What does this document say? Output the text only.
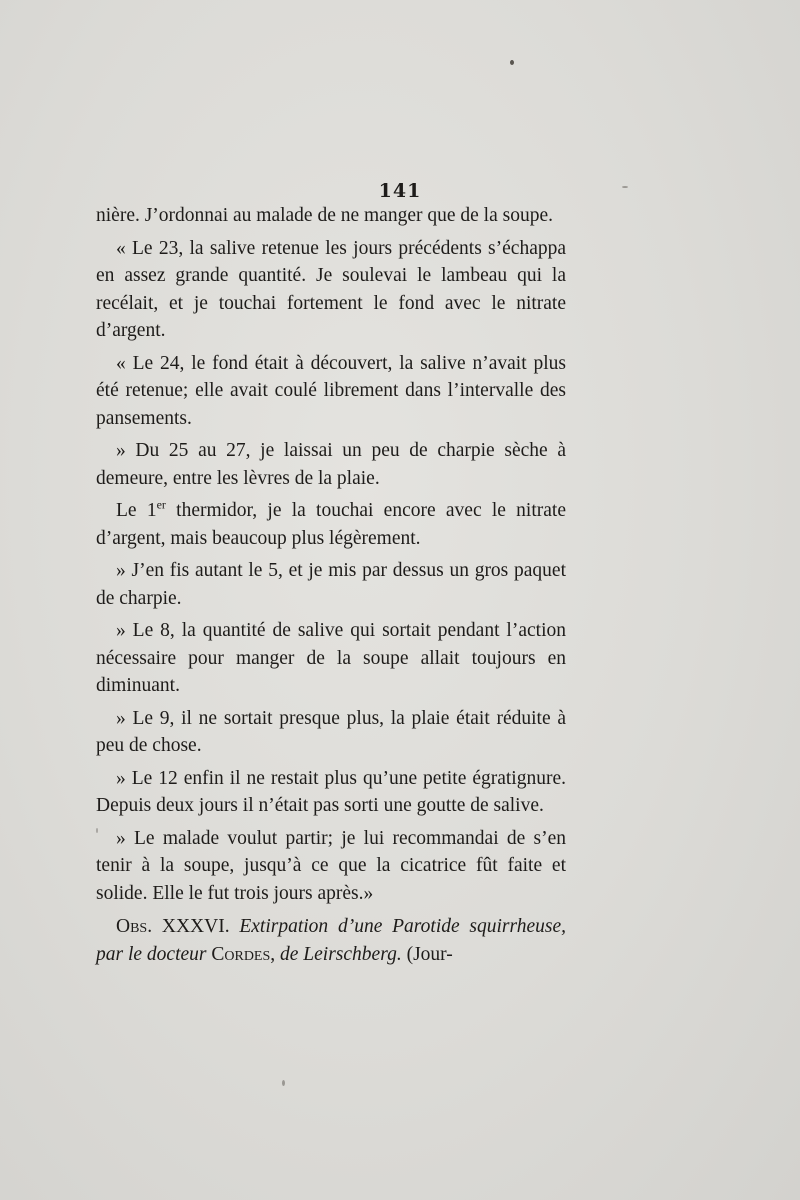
141

nière. J’ordonnai au malade de ne manger que de la soupe.

« Le 23, la salive retenue les jours précédents s’échappa en assez grande quantité. Je soulevai le lambeau qui la recélait, et je touchai fortement le fond avec le nitrate d’argent.

« Le 24, le fond était à découvert, la salive n’avait plus été retenue; elle avait coulé librement dans l’intervalle des pansements.

» Du 25 au 27, je laissai un peu de charpie sèche à demeure, entre les lèvres de la plaie.

Le 1er thermidor, je la touchai encore avec le nitrate d’argent, mais beaucoup plus légèrement.

» J’en fis autant le 5, et je mis par dessus un gros paquet de charpie.

» Le 8, la quantité de salive qui sortait pendant l’action nécessaire pour manger de la soupe allait toujours en diminuant.

» Le 9, il ne sortait presque plus, la plaie était réduite à peu de chose.

» Le 12 enfin il ne restait plus qu’une petite égratignure. Depuis deux jours il n’était pas sorti une goutte de salive.

» Le malade voulut partir; je lui recommandai de s’en tenir à la soupe, jusqu’à ce que la cicatrice fût faite et solide. Elle le fut trois jours après.»

Obs. XXXVI. Extirpation d’une Parotide squirrheuse, par le docteur Cordes, de Leirschberg. (Jour-
